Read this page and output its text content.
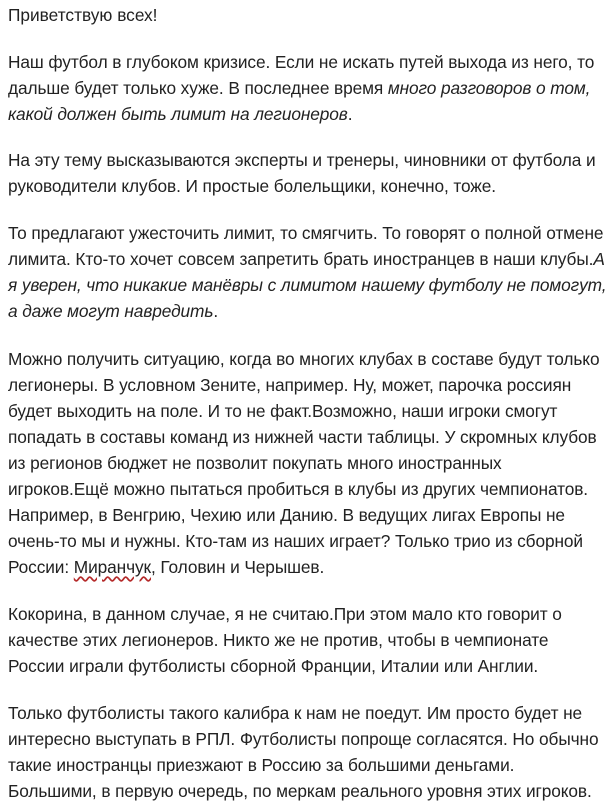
Приветствую всех!

Наш футбол в глубоком кризисе. Если не искать путей выхода из него, то
дальше будет только хуже. В последнее время много разговоров о том,
какой должен быть лимит на легионеров.

На эту тему высказываются эксперты и тренеры, чиновники от футбола и
руководители клубов. И простые болельщики, конечно, тоже.

То предлагают ужесточить лимит, то смягчить. То говорят о полной отмене
лимита. Кто-то хочет совсем запретить брать иностранцев в наши клубы.А
я уверен, что никакие манёвры с лимитом нашему футболу не помогут,
а даже могут навредить.

Можно получить ситуацию, когда во многих клубах в составе будут только
легионеры. В условном Зените, например. Ну, может, парочка россиян
будет выходить на поле. И то не факт.Возможно, наши игроки смогут
попадать в составы команд из нижней части таблицы. У скромных клубов
из регионов бюджет не позволит покупать много иностранных
игроков.Ещё можно пытаться пробиться в клубы из других чемпионатов.
Например, в Венгрию, Чехию или Данию. В ведущих лигах Европы не
очень-то мы и нужны. Кто-там из наших играет? Только трио из сборной
России: Миранчук, Головин и Черышев.

Кокорина, в данном случае, я не считаю.При этом мало кто говорит о
качестве этих легионеров. Никто же не против, чтобы в чемпионате
России играли футболисты сборной Франции, Италии или Англии.

Только футболисты такого калибра к нам не поедут. Им просто будет не
интересно выступать в РПЛ. Футболисты попроще согласятся. Но обычно
такие иностранцы приезжают в Россию за большими деньгами.
Большими, в первую очередь, по меркам реального уровня этих игроков.
